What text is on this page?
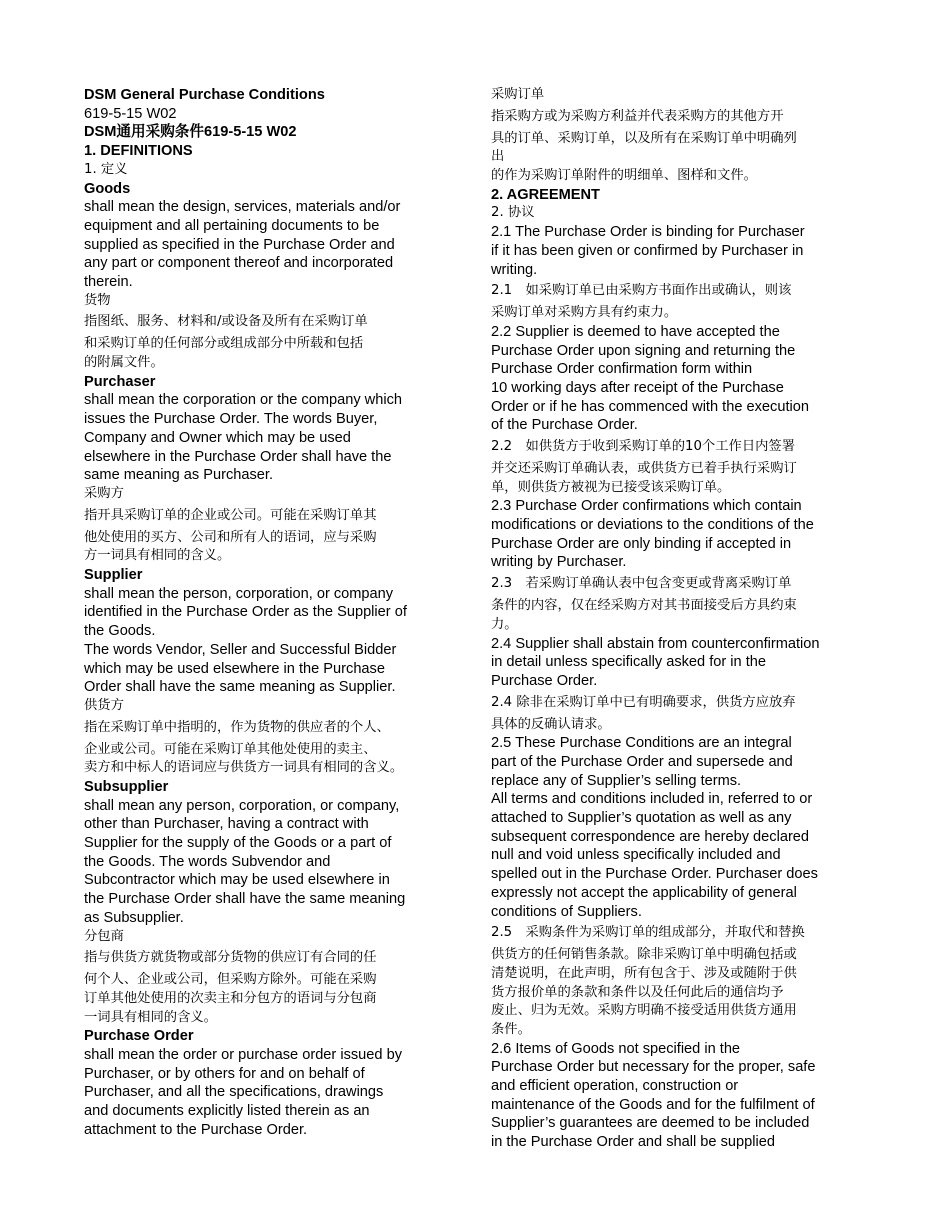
DSM General Purchase Conditions
619-5-15 W02
DSM通用采购条件619-5-15 W02
1. DEFINITIONS
1. 定义
Goods
shall mean the design, services, materials and/or
equipment and all pertaining documents to be
supplied as specified in the Purchase Order and
any part or component thereof and incorporated
therein.
货物
指图纸、服务、材料和/或设备及所有在采购订单
和采购订单的任何部分或组成部分中所载和包括
的附属文件。
Purchaser
shall mean the corporation or the company which
issues the Purchase Order. The words Buyer,
Company and Owner which may be used
elsewhere in the Purchase Order shall have the
same meaning as Purchaser.
采购方
指开具采购订单的企业或公司。可能在采购订单其
他处使用的买方、公司和所有人的语词，应与采购
方一词具有相同的含义。
Supplier
shall mean the person, corporation, or company
identified in the Purchase Order as the Supplier of
the Goods.
The words Vendor, Seller and Successful Bidder
which may be used elsewhere in the Purchase
Order shall have the same meaning as Supplier.
供货方
指在采购订单中指明的，作为货物的供应者的个人、
企业或公司。可能在采购订单其他处使用的卖主、
卖方和中标人的语词应与供货方一词具有相同的含义。
Subsupplier
shall mean any person, corporation, or company,
other than Purchaser, having a contract with
Supplier for the supply of the Goods or a part of
the Goods. The words Subvendor and
Subcontractor which may be used elsewhere in
the Purchase Order shall have the same meaning
as Subsupplier.
分包商
指与供货方就货物或部分货物的供应订有合同的任
何个人、企业或公司，但采购方除外。可能在采购
订单其他处使用的次卖主和分包方的语词与分包商
一词具有相同的含义。
Purchase Order
shall mean the order or purchase order issued by
Purchaser, or by others for and on behalf of
Purchaser, and all the specifications, drawings
and documents explicitly listed therein as an
attachment to the Purchase Order.
采购订单
指采购方或为采购方利益并代表采购方的其他方开
具的订单、采购订单，以及所有在采购订单中明确列
出
的作为采购订单附件的明细单、图样和文件。
2. AGREEMENT
2. 协议
2.1 The Purchase Order is binding for Purchaser
if it has been given or confirmed by Purchaser in
writing.
2.1　如采购订单已由采购方书面作出或确认，则该
采购订单对采购方具有约束力。
2.2 Supplier is deemed to have accepted the
Purchase Order upon signing and returning the
Purchase Order confirmation form within
10 working days after receipt of the Purchase
Order or if he has commenced with the execution
of the Purchase Order.
2.2　如供货方于收到采购订单的10个工作日内签署
并交还采购订单确认表，或供货方已着手执行采购订
单，则供货方被视为已接受该采购订单。
2.3 Purchase Order confirmations which contain
modifications or deviations to the conditions of the
Purchase Order are only binding if accepted in
writing by Purchaser.
2.3　若采购订单确认表中包含变更或背离采购订单
条件的内容，仅在经采购方对其书面接受后方具约束
力。
2.4 Supplier shall abstain from counterconfirmation
in detail unless specifically asked for in the
Purchase Order.
2.4 除非在采购订单中已有明确要求，供货方应放弃
具体的反确认请求。
2.5 These Purchase Conditions are an integral
part of the Purchase Order and supersede and
replace any of Supplier’s selling terms.
All terms and conditions included in, referred to or
attached to Supplier’s quotation as well as any
subsequent correspondence are hereby declared
null and void unless specifically included and
spelled out in the Purchase Order. Purchaser does
expressly not accept the applicability of general
conditions of Suppliers.
2.5　采购条件为采购订单的组成部分，并取代和替换
供货方的任何销售条款。除非采购订单中明确包括或
清楚说明，在此声明，所有包含于、涉及或随附于供
货方报价单的条款和条件以及任何此后的通信均予
废止、归为无效。采购方明确不接受适用供货方通用
条件。
2.6 Items of Goods not specified in the
Purchase Order but necessary for the proper, safe
and efficient operation, construction or
maintenance of the Goods and for the fulfilment of
Supplier’s guarantees are deemed to be included
in the Purchase Order and shall be supplied
